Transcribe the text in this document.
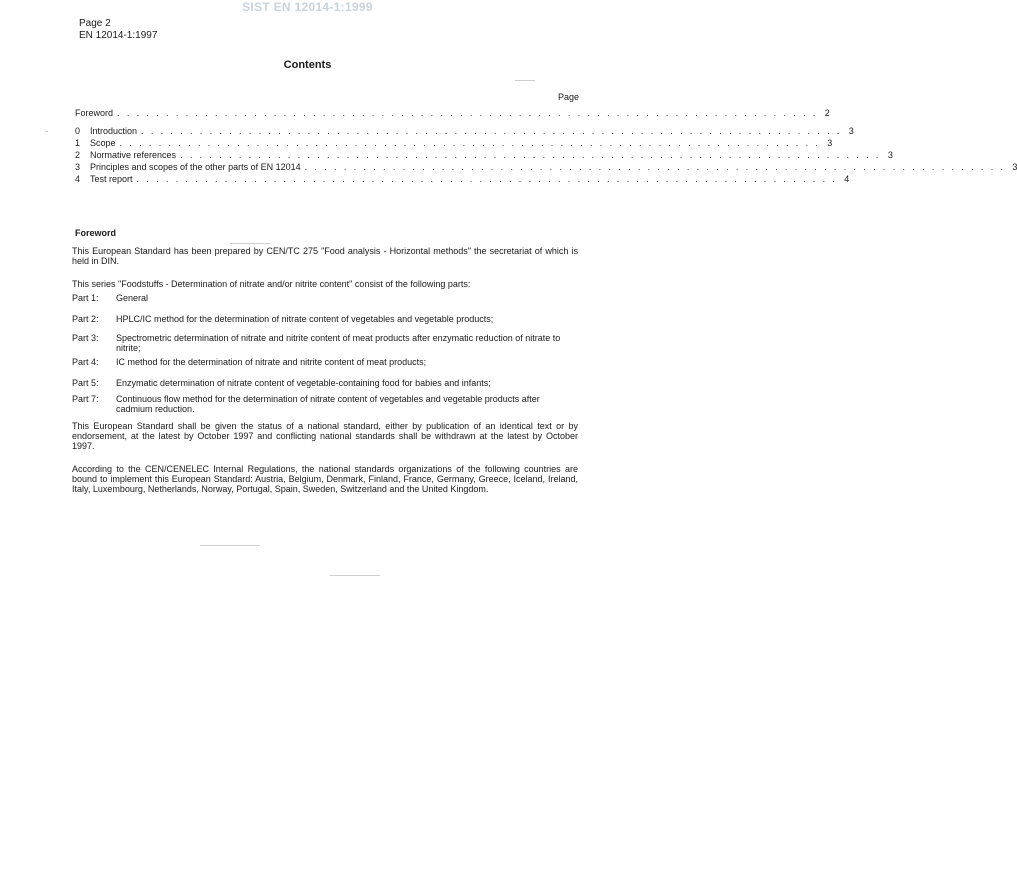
SIST EN 12014-1:1999
Page 2
EN 12014-1:1997
Contents
Page
Foreword . . . . . . . . . . . . . . . . . . . . . . . . . . . . . . . . . . . . . . . . . . . . . . . . . . . . . . . . . . . . . . . . . . . . . . . . 2
0	Introduction . . . . . . . . . . . . . . . . . . . . . . . . . . . . . . . . . . . . . . . . . . . . . . . . . . . . . . . . . . . . . . . . . . . . . . . . 3
1	Scope . . . . . . . . . . . . . . . . . . . . . . . . . . . . . . . . . . . . . . . . . . . . . . . . . . . . . . . . . . . . . . . . . . . . . . . . 3
2	Normative references . . . . . . . . . . . . . . . . . . . . . . . . . . . . . . . . . . . . . . . . . . . . . . . . . . . . . . . . . . . . . . . . . . . . . . . . 3
3	Principles and scopes of the other parts of EN 12014 . . . . . . . . . . . . . . . . . . . . . . . . . . . . . . . . . . . . . . . . . . . . . . . . . . . . . . . . . . . . . . . . . . . . . . . . 3
4	Test report . . . . . . . . . . . . . . . . . . . . . . . . . . . . . . . . . . . . . . . . . . . . . . . . . . . . . . . . . . . . . . . . . . . . . . . . 4
Foreword
This European Standard has been prepared by CEN/TC 275 "Food analysis - Horizontal methods" the secretariat of which is held in DIN.
This series "Foodstuffs - Determination of nitrate and/or nitrite content" consist of the following parts:
Part 1:	General
Part 2:	HPLC/IC method for the determination of nitrate content of vegetables and vegetable products;
Part 3:	Spectrometric determination of nitrate and nitrite content of meat products after enzymatic reduction of nitrate to nitrite;
Part 4:	IC method for the determination of nitrate and nitrite content of meat products;
Part 5:	Enzymatic determination of nitrate content of vegetable-containing food for babies and infants;
Part 7:	Continuous flow method for the determination of nitrate content of vegetables and vegetable products after cadmium reduction.
This European Standard shall be given the status of a national standard, either by publication of an identical text or by endorsement, at the latest by October 1997 and conflicting national standards shall be withdrawn at the latest by October 1997.
According to the CEN/CENELEC Internal Regulations, the national standards organizations of the following countries are bound to implement this European Standard: Austria, Belgium, Denmark, Finland, France, Germany, Greece, Iceland, Ireland, Italy, Luxembourg, Netherlands, Norway, Portugal, Spain, Sweden, Switzerland and the United Kingdom.
